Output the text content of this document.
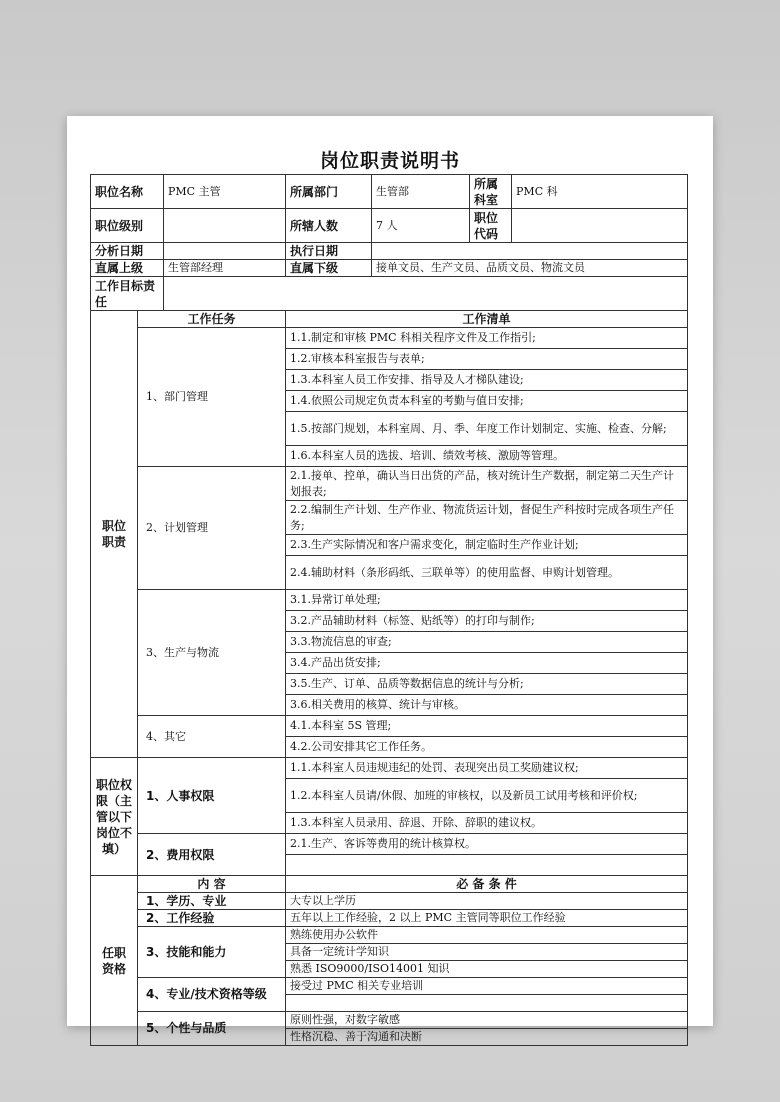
岗位职责说明书
职位名称		PMC 主管	所属部门	生管部	所属科室	PMC 科
职位级别			所辖人数	7 人	职位代码	
分析日期			执行日期			
直属上级		生管部经理	直属下级	接单文员、生产文员、品质文员、物流文员		
工作目标责任						
职位职责	工作任务		工作清单			
	1、部门管理		1.1.制定和审核 PMC 科相关程序文件及工作指引;			
			1.2.审核本科室报告与表单;			
			1.3.本科室人员工作安排、指导及人才梯队建设;			
			1.4.依照公司规定负责本科室的考勤与值日安排;			
			1.5.按部门规划，本科室周、月、季、年度工作计划制定、实施、检查、分解;			
			1.6.本科室人员的选拔、培训、绩效考核、激励等管理。			
	2、计划管理		2.1.接单、控单，确认当日出货的产品，核对统计生产数据，制定第二天生产计划报表;			
			2.2.编制生产计划、生产作业、物流货运计划，督促生产科按时完成各项生产任务;			
			2.3.生产实际情况和客户需求变化，制定临时生产作业计划;			
			2.4.辅助材料（条形码纸、三联单等）的使用监督、申购计划管理。			
	3、生产与物流		3.1.异常订单处理;			
			3.2.产品辅助材料（标签、贴纸等）的打印与制作;			
			3.3.物流信息的审查;			
			3.4.产品出货安排;			
			3.5.生产、订单、品质等数据信息的统计与分析;			
			3.6.相关费用的核算、统计与审核。			
	4、其它		4.1.本科室 5S 管理;			
			4.2.公司安排其它工作任务。			
职位权限（主管以下岗位不填）	1、人事权限		1.1.本科室人员违规违纪的处罚、表现突出员工奖励建议权;			
			1.2.本科室人员请/休假、加班的审核权，以及新员工试用考核和评价权;			
			1.3.本科室人员录用、辞退、开除、辞职的建议权。			
	2、费用权限		2.1.生产、客诉等费用的统计核算权。			

任职资格	内 容		必 备 条 件			
	1、学历、专业		大专以上学历			
	2、工作经验		五年以上工作经验，2 以上 PMC 主管同等职位工作经验			
	3、技能和能力		熟练使用办公软件			
			具备一定统计学知识			
			熟悉 ISO9000/ISO14001 知识			
	4、专业/技术资格等级		接受过 PMC 相关专业培训			

	5、个性与品质		原则性强，对数字敏感			
			性格沉稳、善于沟通和决断			
